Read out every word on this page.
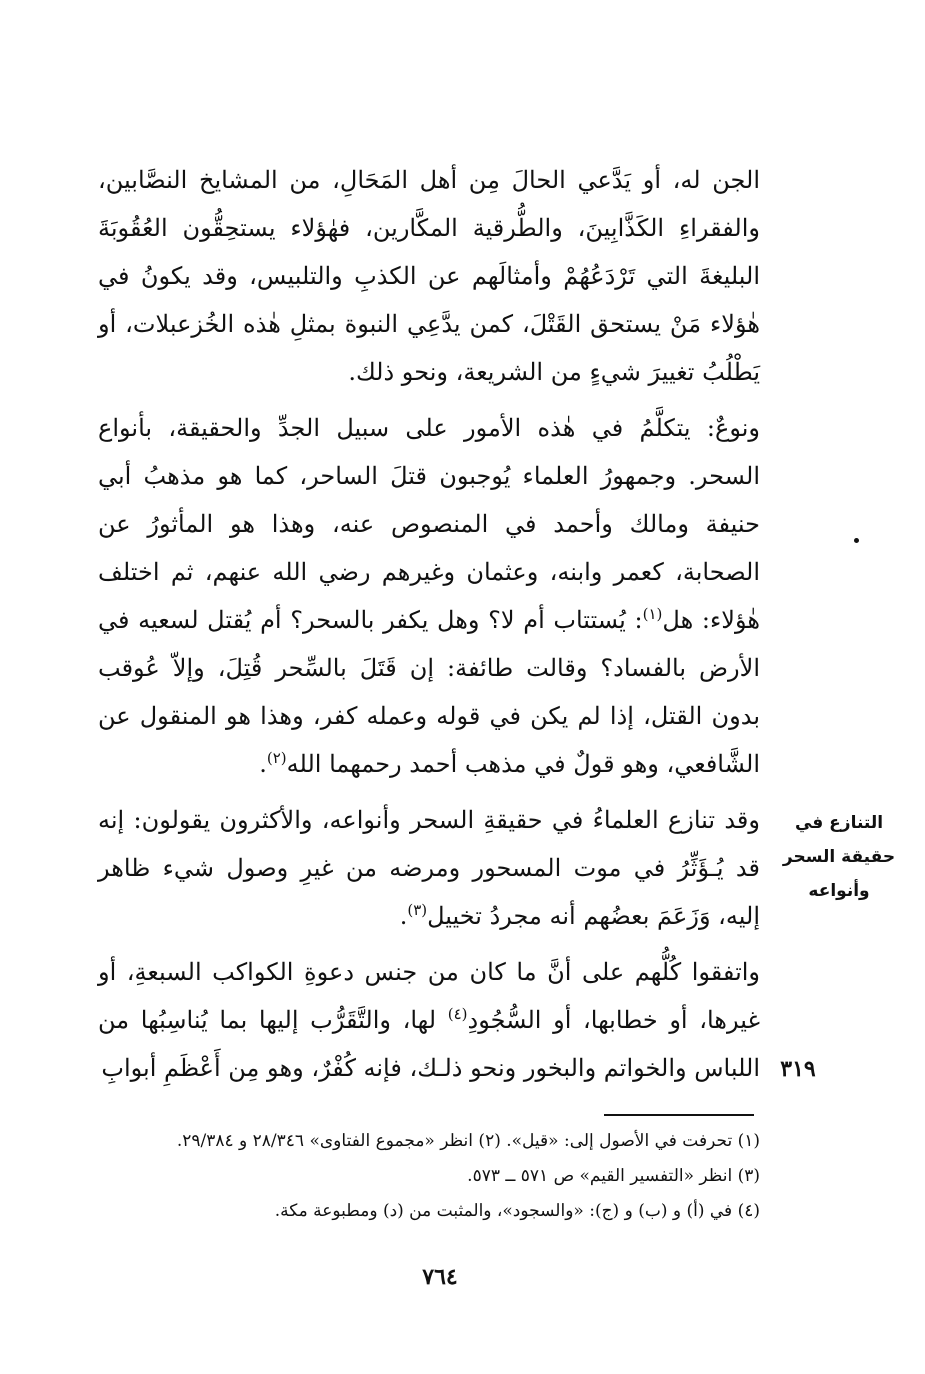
الجن له، أو يَدَّعي الحالَ مِن أهل المَحَالِ، من المشايخ النصَّابين، والفقراءِ الكَذَّابِينَ، والطُّرقية المكَّارين، فهٰؤلاء يستحِقُّون العُقُوبَةَ البليغةَ التي تَرْدَعُهُمْ وأمثالَهم عن الكذبِ والتلبيس، وقد يكونُ في هٰؤلاء مَنْ يستحق القَتْلَ، كمن يدَّعِي النبوة بمثلِ هٰذه الخُزعبلات، أو يَطْلُبُ تغييرَ شيءٍ من الشريعة، ونحو ذلك.

ونوعٌ: يتكلَّمُ في هٰذه الأمور على سبيل الجدِّ والحقيقة، بأنواع السحر. وجمهورُ العلماء يُوجبون قتلَ الساحر، كما هو مذهبُ أبي حنيفة ومالك وأحمد في المنصوص عنه، وهذا هو المأثورُ عن الصحابة، كعمر وابنه، وعثمان وغيرهم رضي الله عنهم، ثم اختلف هٰؤلاء: هل$^{(١)}$: يُستتاب أم لا؟ وهل يكفر بالسحر؟ أم يُقتل لسعيه في الأرض بالفساد؟ وقالت طائفة: إن قَتَلَ بالسِّحر قُتِلَ، وإلاّ عُوقب بدون القتل، إذا لم يكن في قوله وعمله كفر، وهذا هو المنقول عن الشَّافعي، وهو قولٌ في مذهب أحمد رحمهما الله$^{(٢)}$.

وقد تنازع العلماءُ في حقيقةِ السحر وأنواعه، والأكثرون يقولون: إنه قد يُـؤَثِّرُ في موت المسحور ومرضه من غيرِ وصول شيء ظاهر إليه، وَزَعَمَ بعضُهم أنه مجردُ تخييل$^{(٣)}$.

واتفقوا كُلُّهم على أنَّ ما كان من جنس دعوةِ الكواكب السبعةِ، أو غيرها، أو خطابها، أو السُّجُودِ$^{(٤)}$ لها، والتَّقَرُّب إليها بما يُناسِبُها من اللباس والخواتم والبخور ونحو ذلـك، فإنه كُفْرٌ، وهو مِن أَعْظَمِ أبوابِ

التنازع في حقيقة السحر وأنواعه
٣١٩

(١) تحرفت في الأصول إلى: «قيل». (٢) انظر «مجموع الفتاوى» ٢٨/٣٤٦ و ٢٩/٣٨٤.

(٣) انظر «التفسير القيم» ص ٥٧١ ــ ٥٧٣.

(٤) في (أ) و (ب) و (ج): «والسجود»، والمثبت من (د) ومطبوعة مكة.

٧٦٤
